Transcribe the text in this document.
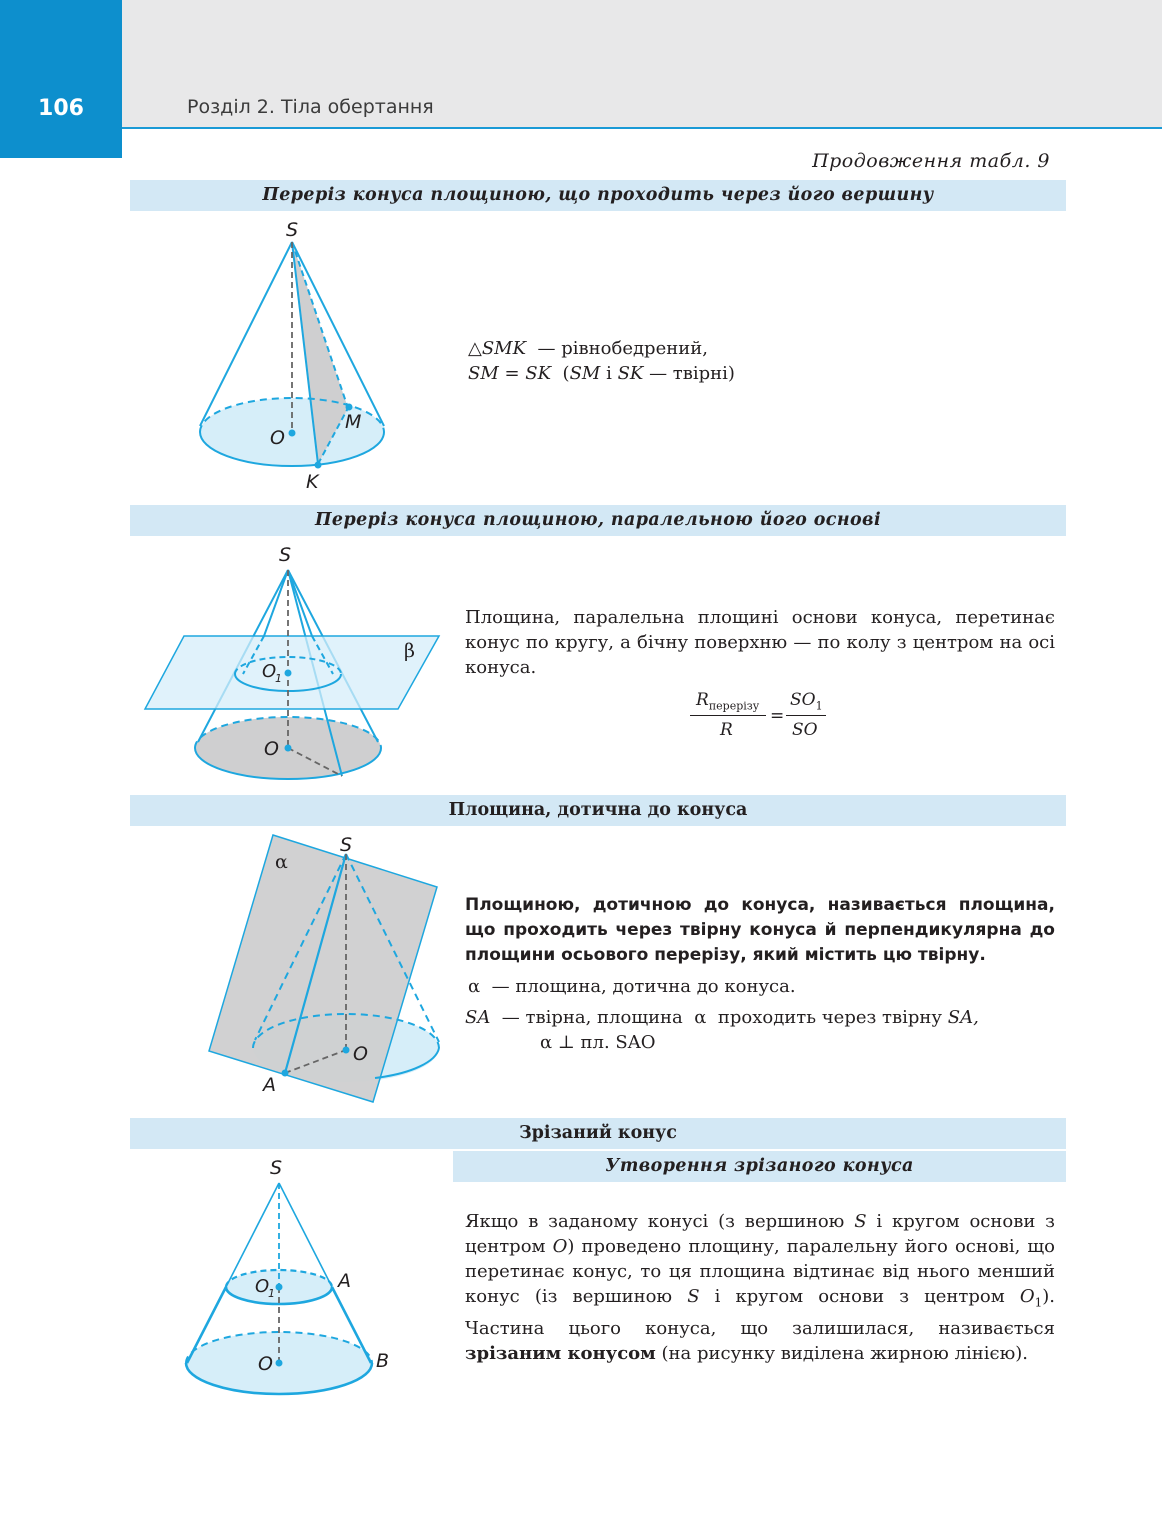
106	Розділ 2. Тіла обертання
Продовження табл. 9
Переріз конуса площиною, що проходить через його вершину
S
O
M
K
△SMK — рівнобедрений,
SM = SK (SM і SK — твірні)
Переріз конуса площиною, паралельною його основі
S
O
1
O
β
Площина, паралельна площині основи конуса, перетинає конус по кругу, а бічну поверхню — по колу з центром на осі конуса.
$R_{перерізу}$
R
=
$SO_1$
SO
Площина, дотична до конуса
S
O
A
α
Площиною, дотичною до конуса, називається площина, що проходить через твірну конуса й перпендикулярна до площини осьового перерізу, який містить цю твірну.
α — площина, дотична до конуса.
SA — твірна, площина α проходить через твірну SA,
α ⊥ пл. SAO
Зрізаний конус
Утворення зрізаного конуса
S
O
1
A
O	B
Якщо в заданому конусі (з вершиною S і кругом основи з центром O) проведено площину, паралельну його основі, що перетинає конус, то ця площина відтинає від нього менший конус (із вершиною S і кругом основи з центром $O_1$). Частина цього конуса, що залишилася, називається зрізаним конусом (на рисунку виділена жирною лінією).
